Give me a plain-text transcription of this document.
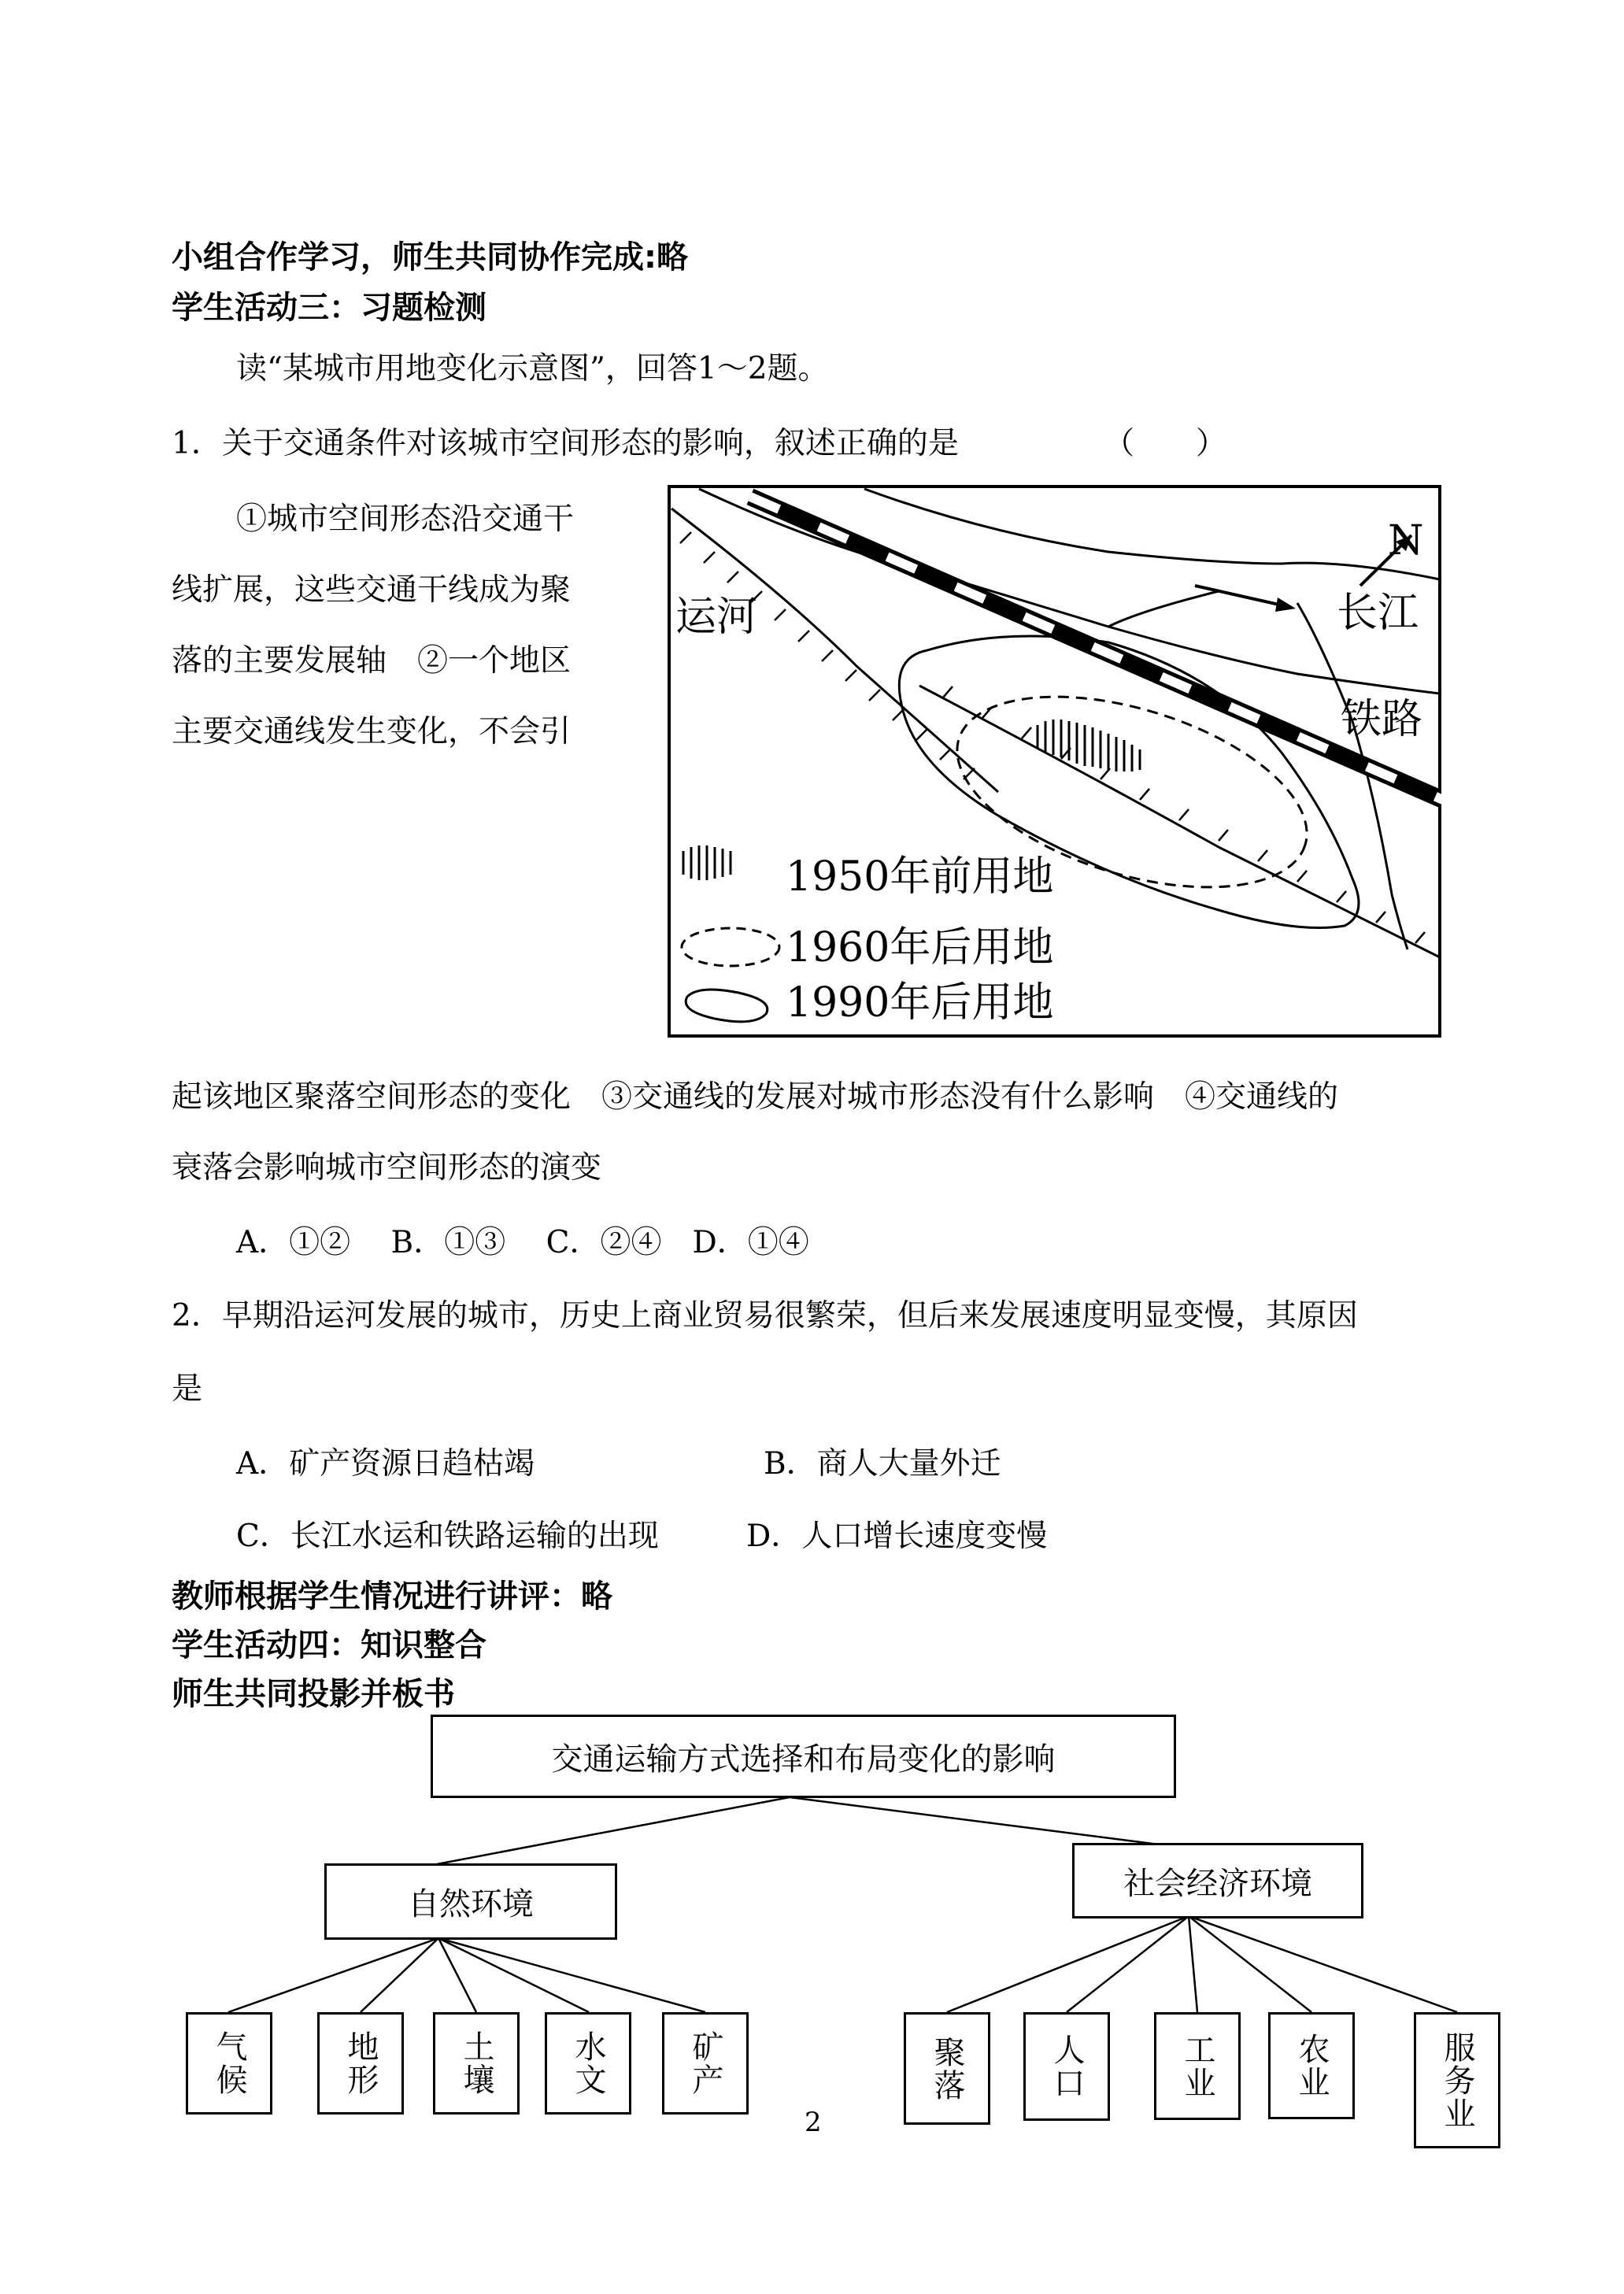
小组合作学习，师生共同协作完成:略
学生活动三：习题检测
读“某城市用地变化示意图”，回答1～2题。
1．关于交通条件对该城市空间形态的影响，叙述正确的是	（　　）
①城市空间形态沿交通干
线扩展，这些交通干线成为聚
落的主要发展轴　②一个地区
主要交通线发生变化，不会引
N
长江
运河
铁路
1950年前用地
1960年后用地
1990年后用地
起该地区聚落空间形态的变化　③交通线的发展对城市形态没有什么影响　④交通线的
衰落会影响城市空间形态的演变
A．①②　 B．①③　 C．②④　D．①④
2．早期沿运河发展的城市，历史上商业贸易很繁荣，但后来发展速度明显变慢，其原因
是
A．矿产资源日趋枯竭	B．商人大量外迁
C．长江水运和铁路运输的出现	D．人口增长速度变慢
教师根据学生情况进行讲评：略
学生活动四：知识整合
师生共同投影并板书
交通运输方式选择和布局变化的影响
自然环境
社会经济环境
气候	地形	土壤 水文	矿产	聚落	人口	工业 农业	服务业
2
